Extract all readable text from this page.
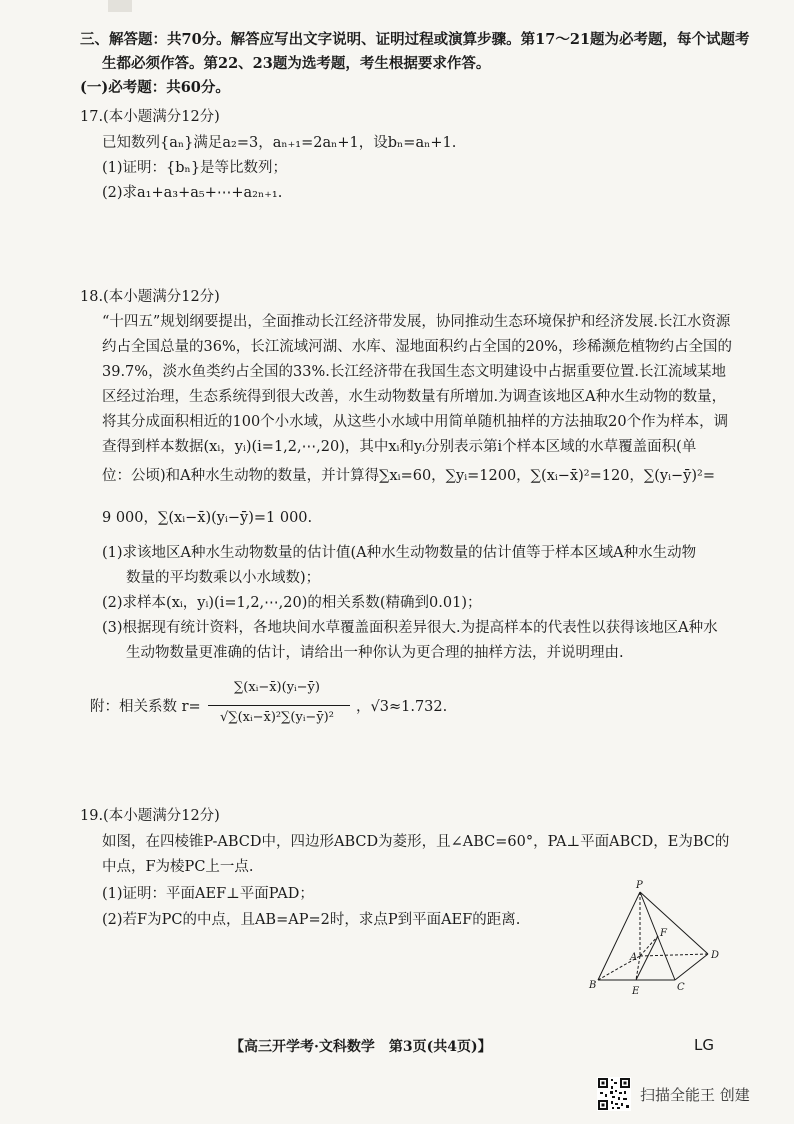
三、解答题：共70分。解答应写出文字说明、证明过程或演算步骤。第17～21题为必考题，每个试题考
生都必须作答。第22、23题为选考题，考生根据要求作答。
(一)必考题：共60分。
17.(本小题满分12分)
已知数列{aₙ}满足a₂=3，aₙ₊₁=2aₙ+1，设bₙ=aₙ+1.
(1)证明：{bₙ}是等比数列；
(2)求a₁+a₃+a₅+⋯+a₂ₙ₊₁.
18.(本小题满分12分)
“十四五”规划纲要提出，全面推动长江经济带发展，协同推动生态环境保护和经济发展.长江水资源
约占全国总量的36%，长江流域河湖、水库、湿地面积约占全国的20%，珍稀濒危植物约占全国的
39.7%，淡水鱼类约占全国的33%.长江经济带在我国生态文明建设中占据重要位置.长江流域某地
区经过治理，生态系统得到很大改善，水生动物数量有所增加.为调查该地区A种水生动物的数量，
将其分成面积相近的100个小水域，从这些小水域中用简单随机抽样的方法抽取20个作为样本，调
查得到样本数据(xᵢ，yᵢ)(i=1,2,⋯,20)，其中xᵢ和yᵢ分别表示第i个样本区域的水草覆盖面积(单
位：公顷)和A种水生动物的数量，并计算得∑xᵢ=60，∑yᵢ=1200，∑(xᵢ−x̄)²=120，∑(yᵢ−ȳ)²=
9 000，∑(xᵢ−x̄)(yᵢ−ȳ)=1 000.
(1)求该地区A种水生动物数量的估计值(A种水生动物数量的估计值等于样本区域A种水生动物
数量的平均数乘以小水域数)；
(2)求样本(xᵢ，yᵢ)(i=1,2,⋯,20)的相关系数(精确到0.01)；
(3)根据现有统计资料，各地块间水草覆盖面积差异很大.为提高样本的代表性以获得该地区A种水
生动物数量更准确的估计，请给出一种你认为更合理的抽样方法，并说明理由.
附：相关系数 r=
∑(xᵢ−x̄)(yᵢ−ȳ)
√∑(xᵢ−x̄)²∑(yᵢ−ȳ)²
，√3≈1.732.
19.(本小题满分12分)
如图，在四棱锥P-ABCD中，四边形ABCD为菱形，且∠ABC=60°，PA⊥平面ABCD，E为BC的
中点，F为棱PC上一点.
(1)证明：平面AEF⊥平面PAD；
(2)若F为PC的中点，且AB=AP=2时，求点P到平面AEF的距离.
P
A
B	C
D
E
F
【高三开学考·文科数学　第3页(共4页)】	LG
扫描全能王 创建
